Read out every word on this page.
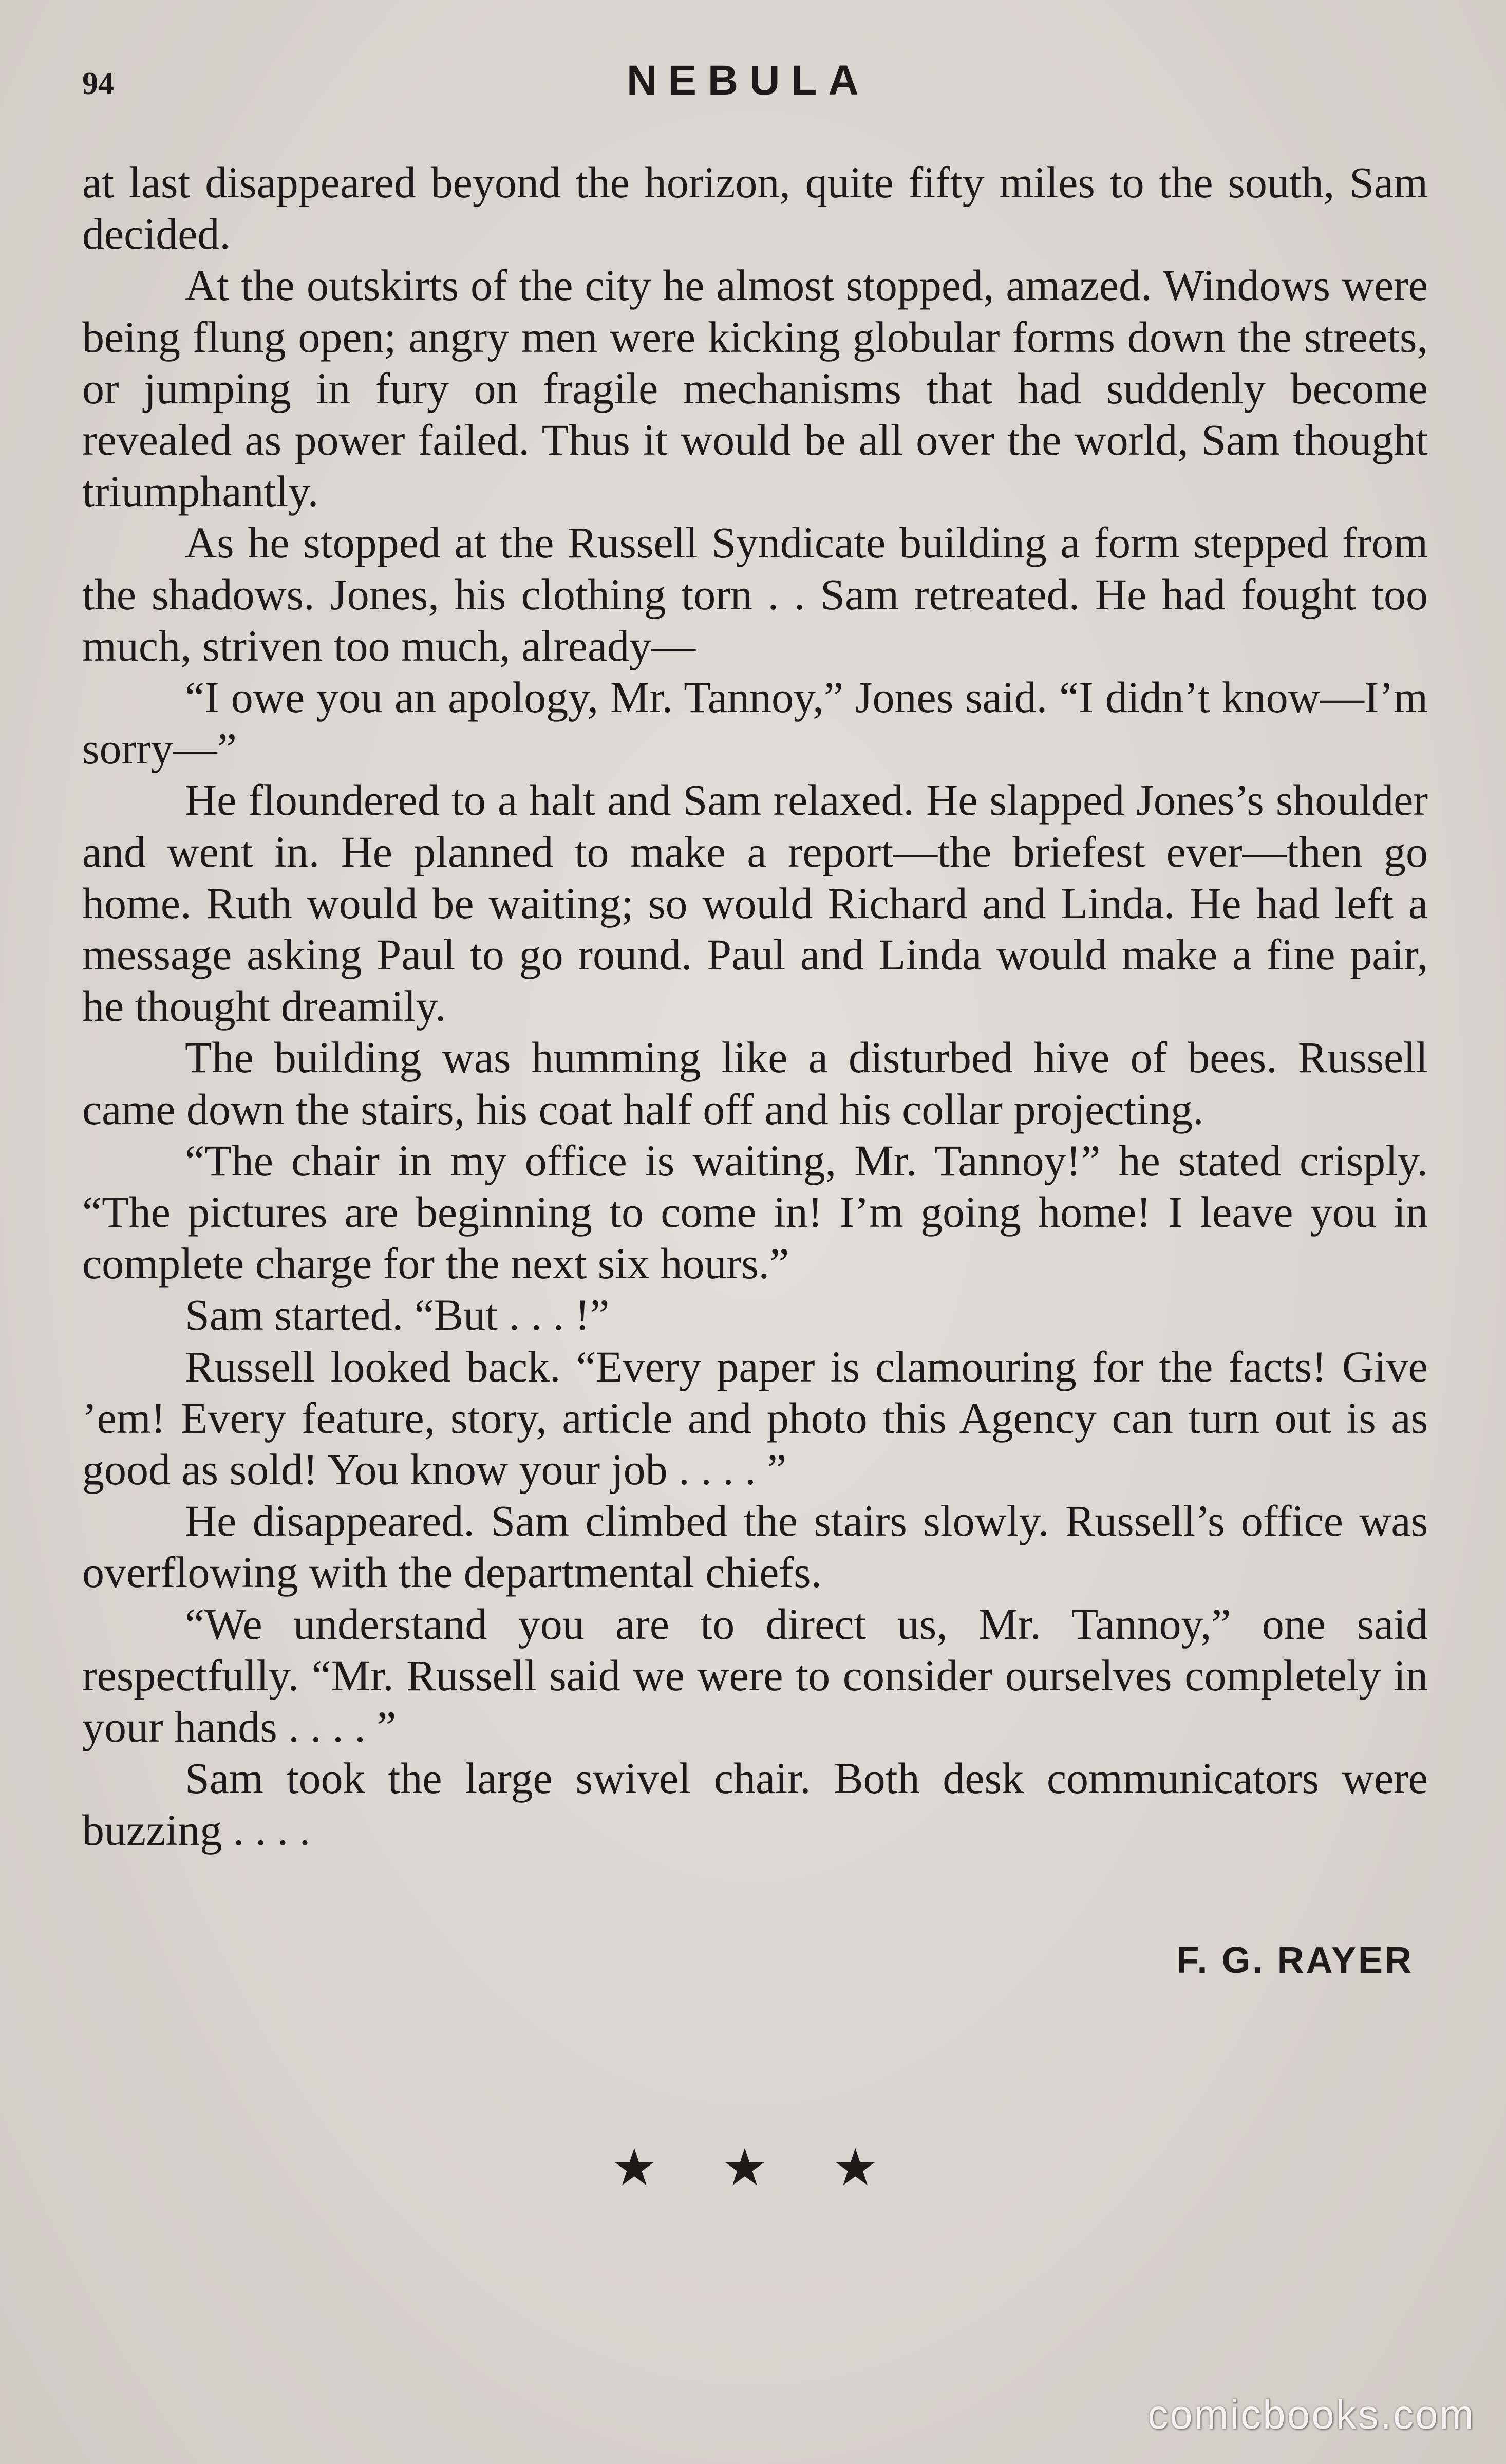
94	NEBULA

at last disappeared beyond the horizon, quite fifty miles to the south, Sam decided.

At the outskirts of the city he almost stopped, amazed. Windows were being flung open; angry men were kicking globular forms down the streets, or jumping in fury on fragile mechanisms that had suddenly become revealed as power failed. Thus it would be all over the world, Sam thought triumphantly.

As he stopped at the Russell Syndicate building a form stepped from the shadows. Jones, his clothing torn . . Sam retreated. He had fought too much, striven too much, already—

“I owe you an apology, Mr. Tannoy,” Jones said. “I didn’t know—I’m sorry—”

He floundered to a halt and Sam relaxed. He slapped Jones’s shoulder and went in. He planned to make a report—the briefest ever—then go home. Ruth would be waiting; so would Richard and Linda. He had left a message asking Paul to go round. Paul and Linda would make a fine pair, he thought dreamily.

The building was humming like a disturbed hive of bees. Russell came down the stairs, his coat half off and his collar projecting.

“The chair in my office is waiting, Mr. Tannoy!” he stated crisply. “The pictures are beginning to come in! I’m going home! I leave you in complete charge for the next six hours.”

Sam started. “But . . . !”

Russell looked back. “Every paper is clamouring for the facts! Give ’em! Every feature, story, article and photo this Agency can turn out is as good as sold! You know your job . . . . ”

He disappeared. Sam climbed the stairs slowly. Russell’s office was overflowing with the departmental chiefs.

“We understand you are to direct us, Mr. Tannoy,” one said respectfully. “Mr. Russell said we were to consider ourselves completely in your hands . . . . ”

Sam took the large swivel chair. Both desk communicators were buzzing . . . .

F. G. RAYER
★ ★ ★
comicbooks.com
